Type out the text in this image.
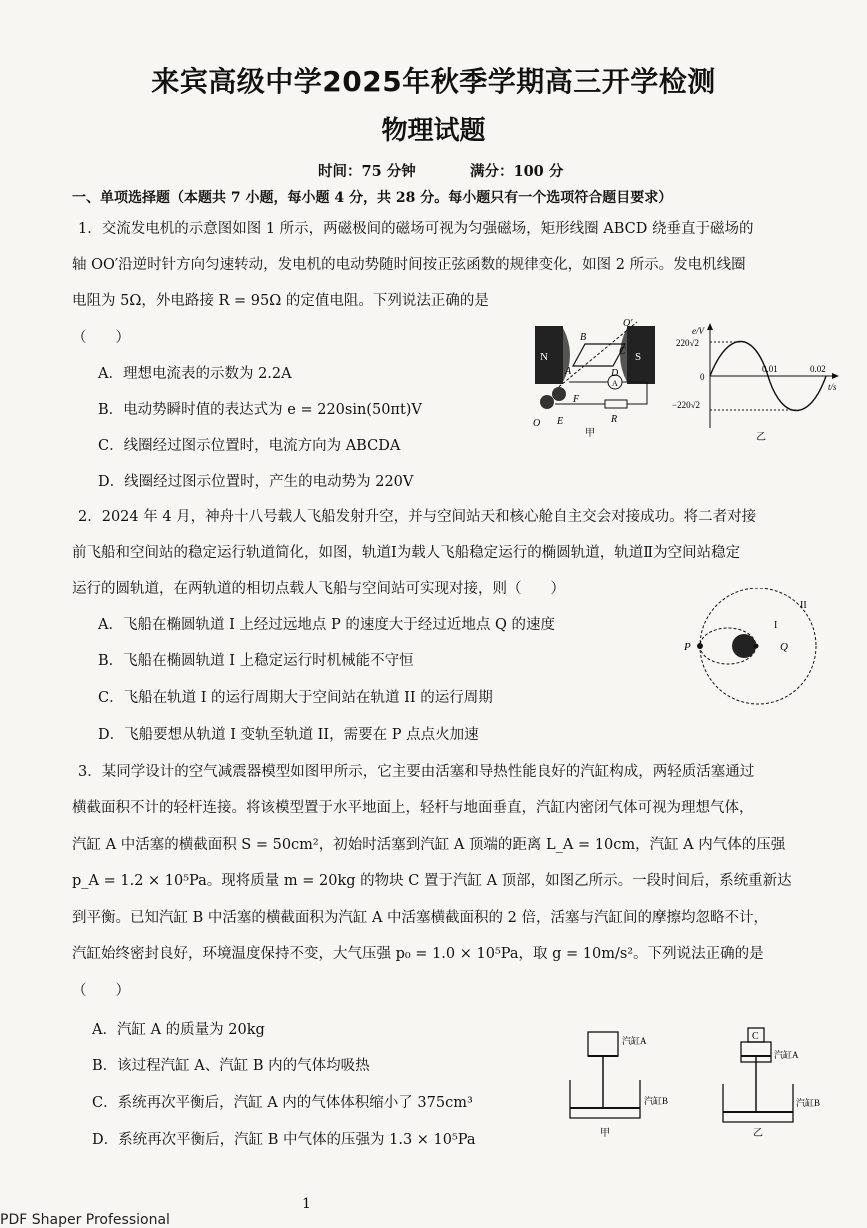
来宾高级中学2025年秋季学期高三开学检测
物理试题
时间：75 分钟	满分：100 分
一、单项选择题（本题共 7 小题，每小题 4 分，共 28 分。每小题只有一个选项符合题目要求）
1．交流发电机的示意图如图 1 所示，两磁极间的磁场可视为匀强磁场，矩形线圈 ABCD 绕垂直于磁场的
轴 OO′沿逆时针方向匀速转动，发电机的电动势随时间按正弦函数的规律变化，如图 2 所示。发电机线圈
电阻为 5Ω，外电路接 R = 95Ω 的定值电阻。下列说法正确的是
（　　）
A．理想电流表的示数为 2.2A
B．电动势瞬时值的表达式为 e = 220sin(50πt)V
C．线圈经过图示位置时，电流方向为 ABCDA
D．线圈经过图示位置时，产生的电动势为 220V
N	S
A
B
C
D
O
O′
E
F
R
A
甲
e/V
t/s
220√2
−220√2
0
0.01	0.02
乙
2．2024 年 4 月，神舟十八号载人飞船发射升空，并与空间站天和核心舱自主交会对接成功。将二者对接
前飞船和空间站的稳定运行轨道简化，如图，轨道Ⅰ为载人飞船稳定运行的椭圆轨道，轨道Ⅱ为空间站稳定
运行的圆轨道，在两轨道的相切点载人飞船与空间站可实现对接，则（　　）
A．飞船在椭圆轨道 I 上经过远地点 P 的速度大于经过近地点 Q 的速度
B．飞船在椭圆轨道 I 上稳定运行时机械能不守恒
C．飞船在轨道 I 的运行周期大于空间站在轨道 II 的运行周期
D．飞船要想从轨道 I 变轨至轨道 II，需要在 P 点点火加速
P	Q
I
II
3．某同学设计的空气减震器模型如图甲所示，它主要由活塞和导热性能良好的汽缸构成，两轻质活塞通过
横截面积不计的轻杆连接。将该模型置于水平地面上，轻杆与地面垂直，汽缸内密闭气体可视为理想气体，
汽缸 A 中活塞的横截面积 S = 50cm²，初始时活塞到汽缸 A 顶端的距离 L_A = 10cm，汽缸 A 内气体的压强
p_A = 1.2 × 10⁵Pa。现将质量 m = 20kg 的物块 C 置于汽缸 A 顶部，如图乙所示。一段时间后，系统重新达
到平衡。已知汽缸 B 中活塞的横截面积为汽缸 A 中活塞横截面积的 2 倍，活塞与汽缸间的摩擦均忽略不计，
汽缸始终密封良好，环境温度保持不变，大气压强 p₀ = 1.0 × 10⁵Pa，取 g = 10m/s²。下列说法正确的是
（　　）
A．汽缸 A 的质量为 20kg
B．该过程汽缸 A、汽缸 B 内的气体均吸热
C．系统再次平衡后，汽缸 A 内的气体体积缩小了 375cm³
D．系统再次平衡后，汽缸 B 中气体的压强为 1.3 × 10⁵Pa
汽缸A
汽缸B
甲
C
汽缸A
汽缸B
乙
1
PDF Shaper Professional
